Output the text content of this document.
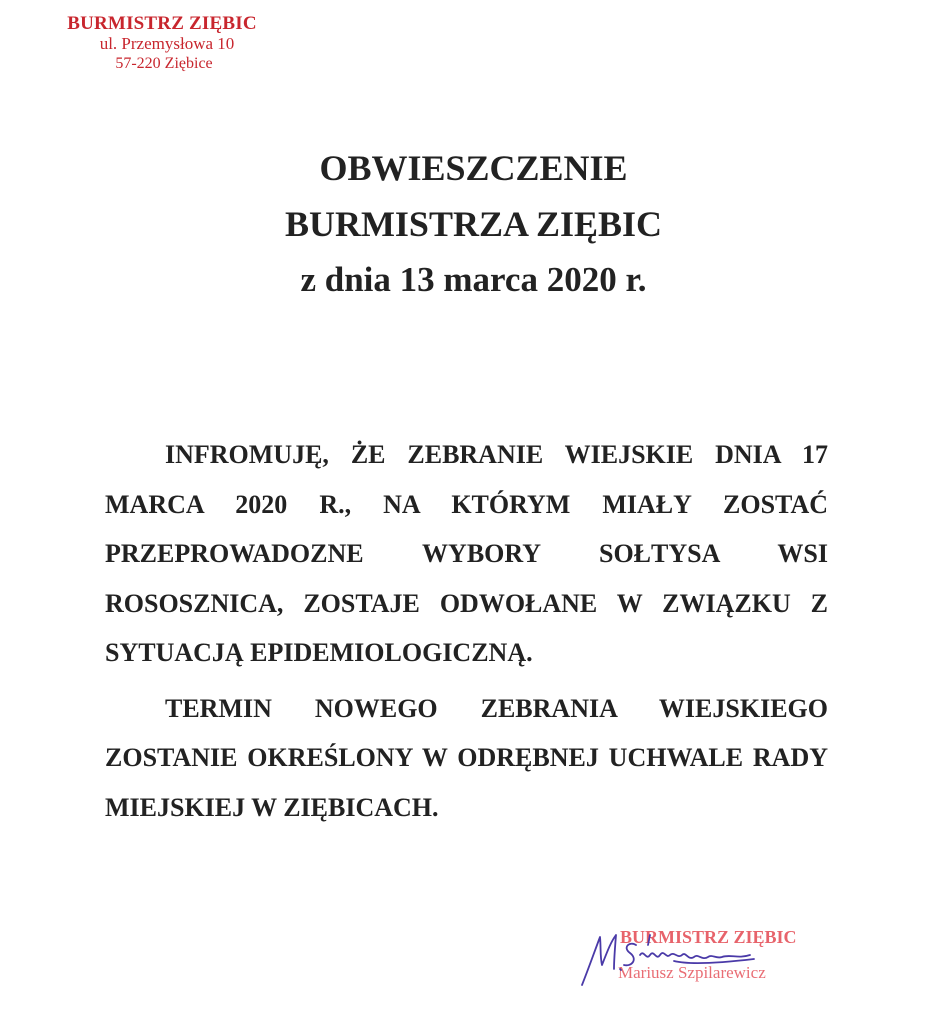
BURMISTRZ ZIĘBIC
ul. Przemysłowa 10
57-220 Ziębice
OBWIESZCZENIE
BURMISTRZA ZIĘBIC
z dnia 13 marca 2020 r.

INFROMUJĘ, ŻE ZEBRANIE WIEJSKIE DNIA 17 MARCA 2020 R., NA KTÓRYM MIAŁY ZOSTAĆ PRZEPROWADOZNE WYBORY SOŁTYSA WSI ROSOSZNICA, ZOSTAJE ODWOŁANE W ZWIĄZKU Z SYTUACJĄ EPIDEMIOLOGICZNĄ.

TERMIN NOWEGO ZEBRANIA WIEJSKIEGO ZOSTANIE OKREŚLONY W ODRĘBNEJ UCHWALE RADY MIEJSKIEJ W ZIĘBICACH.

BURMISTRZ ZIĘBIC
Mariusz Szpilarewicz
